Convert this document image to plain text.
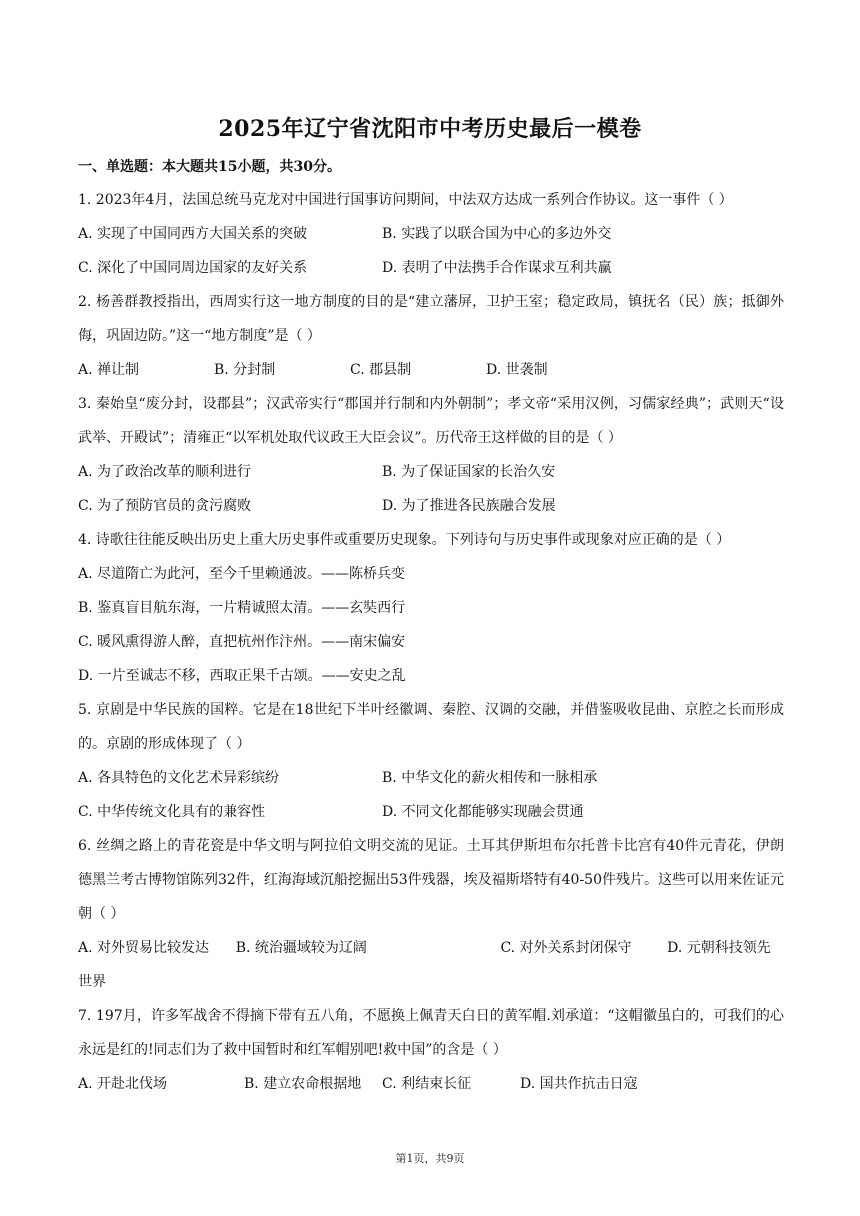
2025年辽宁省沈阳市中考历史最后一模卷
一、单选题：本大题共15小题，共30分。
1. 2023年4月，法国总统马克龙对中国进行国事访问期间，中法双方达成一系列合作协议。这一事件（ ）
A. 实现了中国同西方大国关系的突破	B. 实践了以联合国为中心的多边外交
C. 深化了中国同周边国家的友好关系	D. 表明了中法携手合作谋求互利共赢
2. 杨善群教授指出，西周实行这一地方制度的目的是“建立藩屏，卫护王室；稳定政局，镇抚名（民）族；抵御外侮，巩固边防。”这一“地方制度”是（ ）
A. 禅让制	B. 分封制	C. 郡县制	D. 世袭制
3. 秦始皇“废分封，设郡县”；汉武帝实行“郡国并行制和内外朝制”；孝文帝“采用汉例，习儒家经典”；武则天“设武举、开殿试”；清雍正“以军机处取代议政王大臣会议”。历代帝王这样做的目的是（ ）
A. 为了政治改革的顺利进行	B. 为了保证国家的长治久安
C. 为了预防官员的贪污腐败	D. 为了推进各民族融合发展
4. 诗歌往往能反映出历史上重大历史事件或重要历史现象。下列诗句与历史事件或现象对应正确的是（ ）
A. 尽道隋亡为此河，至今千里赖通波。——陈桥兵变
B. 鉴真盲目航东海，一片精诚照太清。——玄奘西行
C. 暖风熏得游人醉，直把杭州作汴州。——南宋偏安
D. 一片至诚志不移，西取正果千古颂。——安史之乱
5. 京剧是中华民族的国粹。它是在18世纪下半叶经徽调、秦腔、汉调的交融，并借鉴吸收昆曲、京腔之长而形成的。京剧的形成体现了（ ）
A. 各具特色的文化艺术异彩缤纷	B. 中华文化的薪火相传和一脉相承
C. 中华传统文化具有的兼容性	D. 不同文化都能够实现融会贯通
6. 丝绸之路上的青花瓷是中华文明与阿拉伯文明交流的见证。土耳其伊斯坦布尔托普卡比宫有40件元青花，伊朗德黑兰考古博物馆陈列32件，红海海域沉船挖掘出53件残器，埃及福斯塔特有40-50件残片。这些可以用来佐证元朝（ ）
A. 对外贸易比较发达 B. 统治疆域较为辽阔	C. 对外关系封闭保守	D. 元朝科技领先世界
7. 197月，许多军战舍不得摘下带有五八角，不愿换上佩青天白日的黄军帽.刘承道：“这帽徽虽白的，可我们的心永远是红的!同志们为了救中国暂时和红军帽别吧!救中国”的含是（ ）
A. 开赴北伐场	B. 建立农命根据地	C. 利结束长征	D. 国共作抗击日寇
第1页，共9页
